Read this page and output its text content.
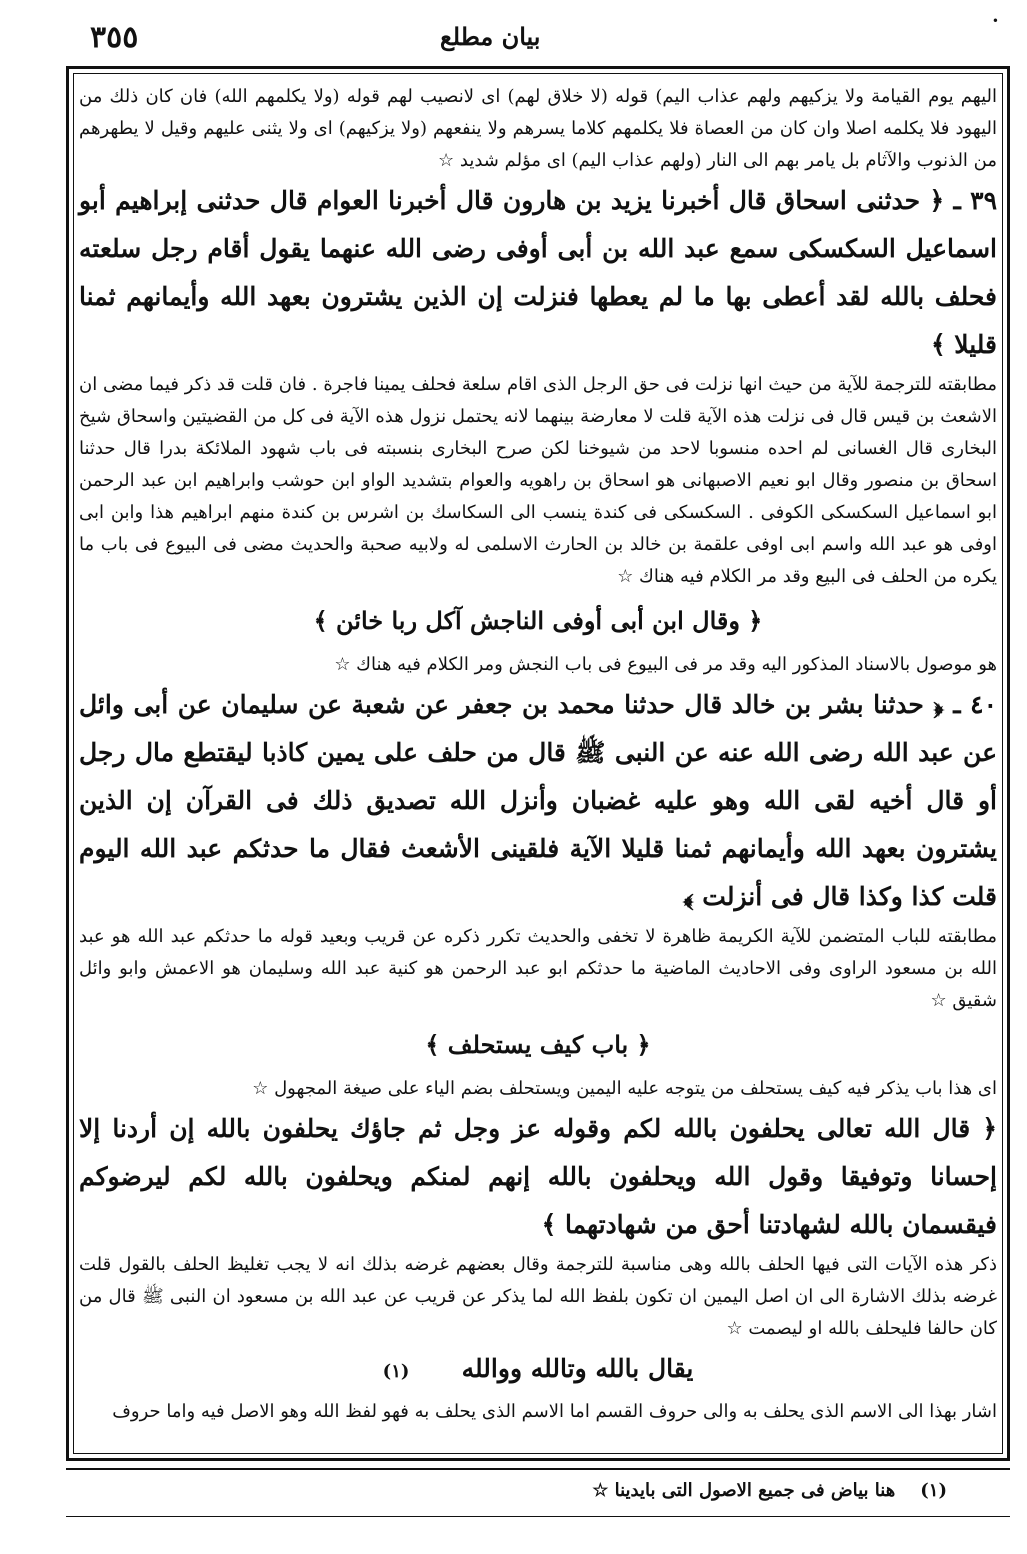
•
بيان مطلع
٣٥٥

اليهم يوم القيامة ولا يزكيهم ولهم عذاب اليم) قوله (لا خلاق لهم) اى لانصيب لهم قوله (ولا يكلمهم الله) فان كان ذلك من اليهود فلا يكلمه اصلا وان كان من العصاة فلا يكلمهم كلاما يسرهم ولا ينفعهم (ولا يزكيهم) اى ولا يثنى عليهم وقيل لا يطهرهم من الذنوب والآثام بل يامر بهم الى النار (ولهم عذاب اليم) اى مؤلم شديد ☆

٣٩ ـ ﴿ حدثنى اسحاق قال أخبرنا يزيد بن هارون قال أخبرنا العوام قال حدثنى إبراهيم أبو اسماعيل السكسكى سمع عبد الله بن أبى أوفى رضى الله عنهما يقول أقام رجل سلعته فحلف بالله لقد أعطى بها ما لم يعطها فنزلت إن الذين يشترون بعهد الله وأيمانهم ثمنا قليلا ﴾

مطابقته للترجمة للآية من حيث انها نزلت فى حق الرجل الذى اقام سلعة فحلف يمينا فاجرة . فان قلت قد ذكر فيما مضى ان الاشعث بن قيس قال فى نزلت هذه الآية قلت لا معارضة بينهما لانه يحتمل نزول هذه الآية فى كل من القضيتين واسحاق شيخ البخارى قال الغسانى لم احده منسوبا لاحد من شيوخنا لكن صرح البخارى بنسبته فى باب شهود الملائكة بدرا قال حدثنا اسحاق بن منصور وقال ابو نعيم الاصبهانى هو اسحاق بن راهويه والعوام بتشديد الواو ابن حوشب وابراهيم ابن عبد الرحمن ابو اسماعيل السكسكى الكوفى . السكسكى فى كندة ينسب الى السكاسك بن اشرس بن كندة منهم ابراهيم هذا وابن ابى اوفى هو عبد الله واسم ابى اوفى علقمة بن خالد بن الحارث الاسلمى له ولابيه صحبة والحديث مضى فى البيوع فى باب ما يكره من الحلف فى البيع وقد مر الكلام فيه هناك ☆

﴿ وقال ابن أبى أوفى الناجش آكل ربا خائن ﴾

هو موصول بالاسناد المذكور اليه وقد مر فى البيوع فى باب النجش ومر الكلام فيه هناك ☆

٤٠ ـ ﴿ حدثنا بشر بن خالد قال حدثنا محمد بن جعفر عن شعبة عن سليمان عن أبى وائل عن عبد الله رضى الله عنه عن النبى ﷺ قال من حلف على يمين كاذبا ليقتطع مال رجل أو قال أخيه لقى الله وهو عليه غضبان وأنزل الله تصديق ذلك فى القرآن إن الذين يشترون بعهد الله وأيمانهم ثمنا قليلا الآية فلقينى الأشعث فقال ما حدثكم عبد الله اليوم قلت كذا وكذا قال فى أنزلت ﴾

مطابقته للباب المتضمن للآية الكريمة ظاهرة لا تخفى والحديث تكرر ذكره عن قريب وبعيد قوله ما حدثكم عبد الله هو عبد الله بن مسعود الراوى وفى الاحاديث الماضية ما حدثكم ابو عبد الرحمن هو كنية عبد الله وسليمان هو الاعمش وابو وائل شقيق ☆

﴿ باب كيف يستحلف ﴾

اى هذا باب يذكر فيه كيف يستحلف من يتوجه عليه اليمين ويستحلف بضم الياء على صيغة المجهول ☆

﴿ قال الله تعالى يحلفون بالله لكم وقوله عز وجل ثم جاؤك يحلفون بالله إن أردنا إلا إحسانا وتوفيقا وقول الله ويحلفون بالله إنهم لمنكم ويحلفون بالله لكم ليرضوكم فيقسمان بالله لشهادتنا أحق من شهادتهما ﴾

ذكر هذه الآيات التى فيها الحلف بالله وهى مناسبة للترجمة وقال بعضهم غرضه بذلك انه لا يجب تغليظ الحلف بالقول قلت غرضه بذلك الاشارة الى ان اصل اليمين ان تكون بلفظ الله لما يذكر عن قريب عن عبد الله بن مسعود ان النبى ﷺ قال من كان حالفا فليحلف بالله او ليصمت ☆

يقال بالله وتالله ووالله      (١)

اشار بهذا الى الاسم الذى يحلف به والى حروف القسم اما الاسم الذى يحلف به فهو لفظ الله وهو الاصل فيه واما حروف

(١)    هنا بياض فى جميع الاصول التى بايدينا ☆
